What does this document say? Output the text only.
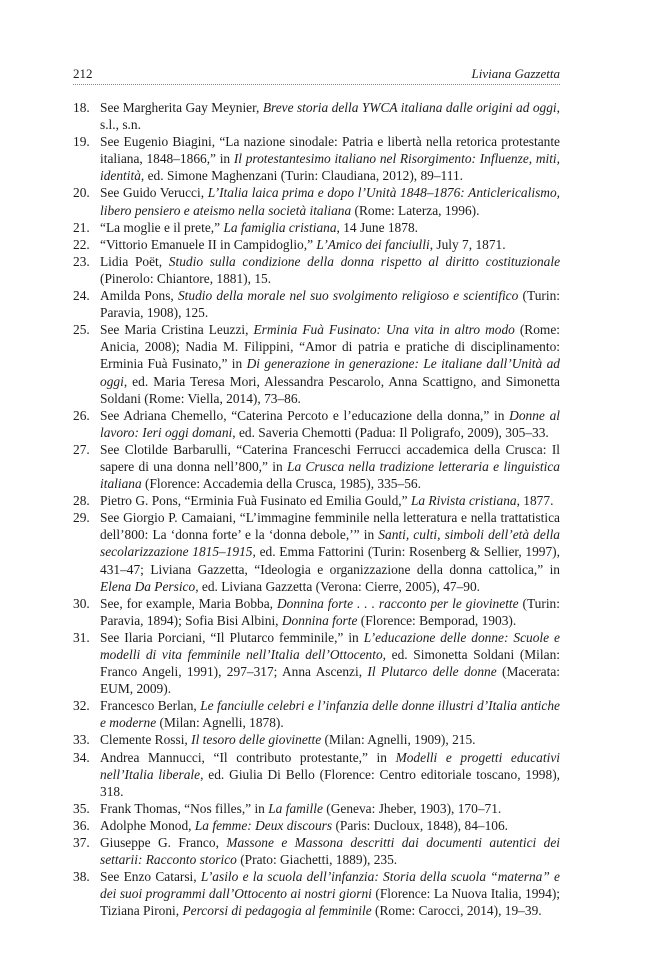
212	Liviana Gazzetta
18. See Margherita Gay Meynier, Breve storia della YWCA italiana dalle origini ad oggi, s.l., s.n.
19. See Eugenio Biagini, “La nazione sinodale: Patria e libertà nella retorica protestante italiana, 1848–1866,” in Il protestantesimo italiano nel Risorgimento: Influenze, miti, identità, ed. Simone Maghenzani (Turin: Claudiana, 2012), 89–111.
20. See Guido Verucci, L’Italia laica prima e dopo l’Unità 1848–1876: Anticlericalismo, libero pensiero e ateismo nella società italiana (Rome: Laterza, 1996).
21. “La moglie e il prete,” La famiglia cristiana, 14 June 1878.
22. “Vittorio Emanuele II in Campidoglio,” L’Amico dei fanciulli, July 7, 1871.
23. Lidia Poët, Studio sulla condizione della donna rispetto al diritto costituzionale (Pinerolo: Chiantore, 1881), 15.
24. Amilda Pons, Studio della morale nel suo svolgimento religioso e scientifico (Turin: Paravia, 1908), 125.
25. See Maria Cristina Leuzzi, Erminia Fuà Fusinato: Una vita in altro modo (Rome: Anicia, 2008); Nadia M. Filippini, “Amor di patria e pratiche di disciplinamento: Erminia Fuà Fusinato,” in Di generazione in generazione: Le italiane dall’Unità ad oggi, ed. Maria Teresa Mori, Alessandra Pescarolo, Anna Scattigno, and Simonetta Soldani (Rome: Viella, 2014), 73–86.
26. See Adriana Chemello, “Caterina Percoto e l’educazione della donna,” in Donne al lavoro: Ieri oggi domani, ed. Saveria Chemotti (Padua: Il Poligrafo, 2009), 305–33.
27. See Clotilde Barbarulli, “Caterina Franceschi Ferrucci accademica della Crusca: Il sapere di una donna nell’800,” in La Crusca nella tradizione letteraria e linguistica italiana (Florence: Accademia della Crusca, 1985), 335–56.
28. Pietro G. Pons, “Erminia Fuà Fusinato ed Emilia Gould,” La Rivista cristiana, 1877.
29. See Giorgio P. Camaiani, “L’immagine femminile nella letteratura e nella trattatistica dell’800: La ‘donna forte’ e la ‘donna debole,’” in Santi, culti, simboli dell’età della secolarizzazione 1815–1915, ed. Emma Fattorini (Turin: Rosenberg & Sellier, 1997), 431–47; Liviana Gazzetta, “Ideologia e organizzazione della donna cattolica,” in Elena Da Persico, ed. Liviana Gazzetta (Verona: Cierre, 2005), 47–90.
30. See, for example, Maria Bobba, Donnina forte . . . racconto per le giovinette (Turin: Paravia, 1894); Sofia Bisi Albini, Donnina forte (Florence: Bemporad, 1903).
31. See Ilaria Porciani, “Il Plutarco femminile,” in L’educazione delle donne: Scuole e modelli di vita femminile nell’Italia dell’Ottocento, ed. Simonetta Soldani (Milan: Franco Angeli, 1991), 297–317; Anna Ascenzi, Il Plutarco delle donne (Macerata: EUM, 2009).
32. Francesco Berlan, Le fanciulle celebri e l’infanzia delle donne illustri d’Italia antiche e moderne (Milan: Agnelli, 1878).
33. Clemente Rossi, Il tesoro delle giovinette (Milan: Agnelli, 1909), 215.
34. Andrea Mannucci, “Il contributo protestante,” in Modelli e progetti educativi nell’Italia liberale, ed. Giulia Di Bello (Florence: Centro editoriale toscano, 1998), 318.
35. Frank Thomas, “Nos filles,” in La famille (Geneva: Jheber, 1903), 170–71.
36. Adolphe Monod, La femme: Deux discours (Paris: Ducloux, 1848), 84–106.
37. Giuseppe G. Franco, Massone e Massona descritti dai documenti autentici dei settarii: Racconto storico (Prato: Giachetti, 1889), 235.
38. See Enzo Catarsi, L’asilo e la scuola dell’infanzia: Storia della scuola “materna” e dei suoi programmi dall’Ottocento ai nostri giorni (Florence: La Nuova Italia, 1994); Tiziana Pironi, Percorsi di pedagogia al femminile (Rome: Carocci, 2014), 19–39.
